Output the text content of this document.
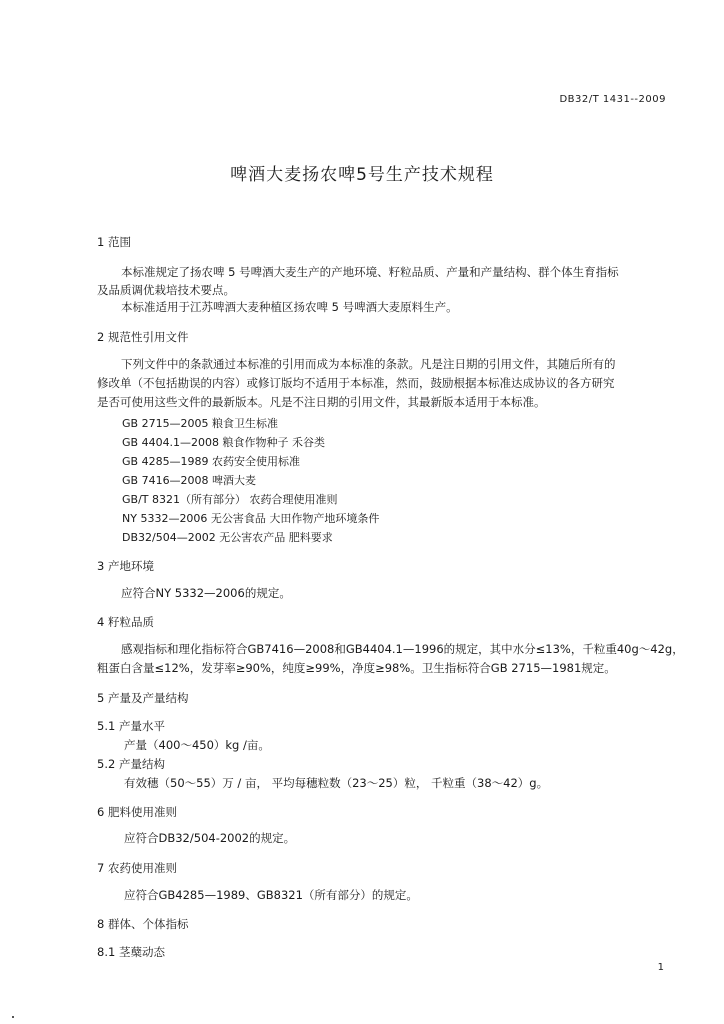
DB32/T 1431--2009
啤酒大麦扬农啤5号生产技术规程
1 范围
本标准规定了扬农啤 5 号啤酒大麦生产的产地环境、籽粒品质、产量和产量结构、群个体生育指标
及品质调优栽培技术要点。
本标准适用于江苏啤酒大麦种植区扬农啤 5 号啤酒大麦原料生产。
2 规范性引用文件
下列文件中的条款通过本标准的引用而成为本标准的条款。凡是注日期的引用文件，其随后所有的
修改单（不包括勘误的内容）或修订版均不适用于本标准，然而，鼓励根据本标准达成协议的各方研究
是否可使用这些文件的最新版本。凡是不注日期的引用文件，其最新版本适用于本标准。
GB 2715—2005 粮食卫生标准
GB 4404.1—2008 粮食作物种子 禾谷类
GB 4285—1989 农药安全使用标准
GB 7416—2008 啤酒大麦
GB/T 8321（所有部分） 农药合理使用准则
NY 5332—2006 无公害食品 大田作物产地环境条件
DB32/504—2002 无公害农产品 肥料要求
3 产地环境
应符合NY 5332—2006的规定。
4 籽粒品质
感观指标和理化指标符合GB7416—2008和GB4404.1—1996的规定，其中水分≤13%，千粒重40g～42g，
粗蛋白含量≤12%，发芽率≥90%，纯度≥99%，净度≥98%。卫生指标符合GB 2715—1981规定。
5 产量及产量结构
5.1 产量水平
产量（400～450）kg /亩。
5.2 产量结构
有效穗（50～55）万 / 亩， 平均每穗粒数（23～25）粒， 千粒重（38～42）g。
6 肥料使用准则
应符合DB32/504-2002的规定。
7 农药使用准则
应符合GB4285—1989、GB8321（所有部分）的规定。
8 群体、个体指标
8.1 茎蘖动态
1
